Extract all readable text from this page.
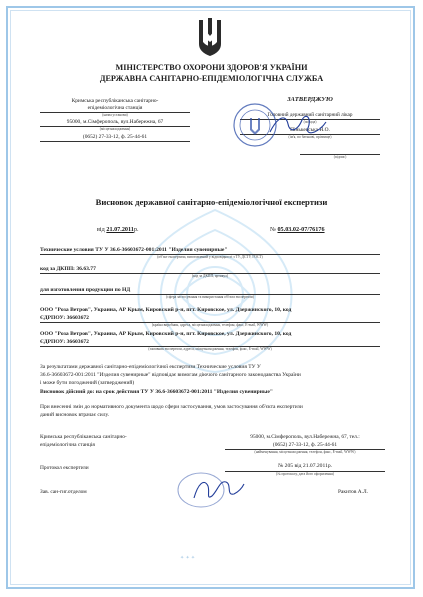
МІНІСТЕРСТВО ОХОРОНИ ЗДОРОВ'Я УКРАЇНИ
ДЕРЖАВНА САНІТАРНО-ЕПІДЕМІОЛОГІЧНА СЛУЖБА
Кримська республіканська санітарно-
епідеміологічна станція
(назва установи)
95000, м.Сімферополь, вул.Набережна, 67
(місцезнаходження)
(0652) 27-33-12, ф. 25-44-61
ЗАТВЕРДЖУЮ
Головний державний санітарний лікар
(посада)
Пінькевська Н.О.
(ім'я, по батькові, прізвище)
(підпис)
Висновок державної санітарно-епідеміологічної експертизи
від 21.07.2011р.	№ 05.03.02-07/76176
Технические условия ТУ У 36.6-36603672-001:2011 "Изделия сувенирные"
(об'єкт експертизи, виготовлений у відповідності з ТУ, ДСТУ, ГОСТ)
код за ДКПП: 36.63.77
(код за ДКПП, артикул)
для изготовления продукции по НД
(сфера застосування та використання об'єкта експертизи)
ООО "Роза Ветров", Украина, АР Крым, Кировский р-н, пгт. Кировское, ул. Дзержинского, 10, код
ЄДРПОУ: 36603672
(країна виробник, адреса, місцезнаходження, телефон, факс, E-mail, WWW)
ООО "Роза Ветров", Украина, АР Крым, Кировский р-н, пгт. Кировское, ул. Дзержинского, 10, код
ЄДРПОУ: 36603672
(замовник експертизи, адреса, місцезнаходження, телефон, факс, E-mail, WWW)
За результатами державної санітарно-епідеміологічної експертизи Технические условия ТУ У
36.6-36603672-001:2011 "Изделия сувенирные" відповідає вимогам діючого санітарного законодавства України
і може бути погоджений (затверджений)
Висновок дійсний до: на срок действия ТУ У 36.6-36603672-001:2011 "Изделия сувенирные"
При внесенні змін до нормативного документа щодо сфери застосування, умов застосування об'єкта експертизи
даний висновок втрачає силу.
Кримська республіканська санітарно-
епідеміологічна станція
95000, м.Сімферополь, вул.Набережна, 67, тел.:
(0652) 27-33-12, ф. 25-44-61
(найменування, місцезнаходження, телефон, факс, E-mail, WWW)
Протокол експертизи	№ 205 від 21.07.2011р.
(№ протоколу, дата його оформлення)
Зав. сан-гиг.отделом	Ракитов А.Л.
✦ ✦ ✦
